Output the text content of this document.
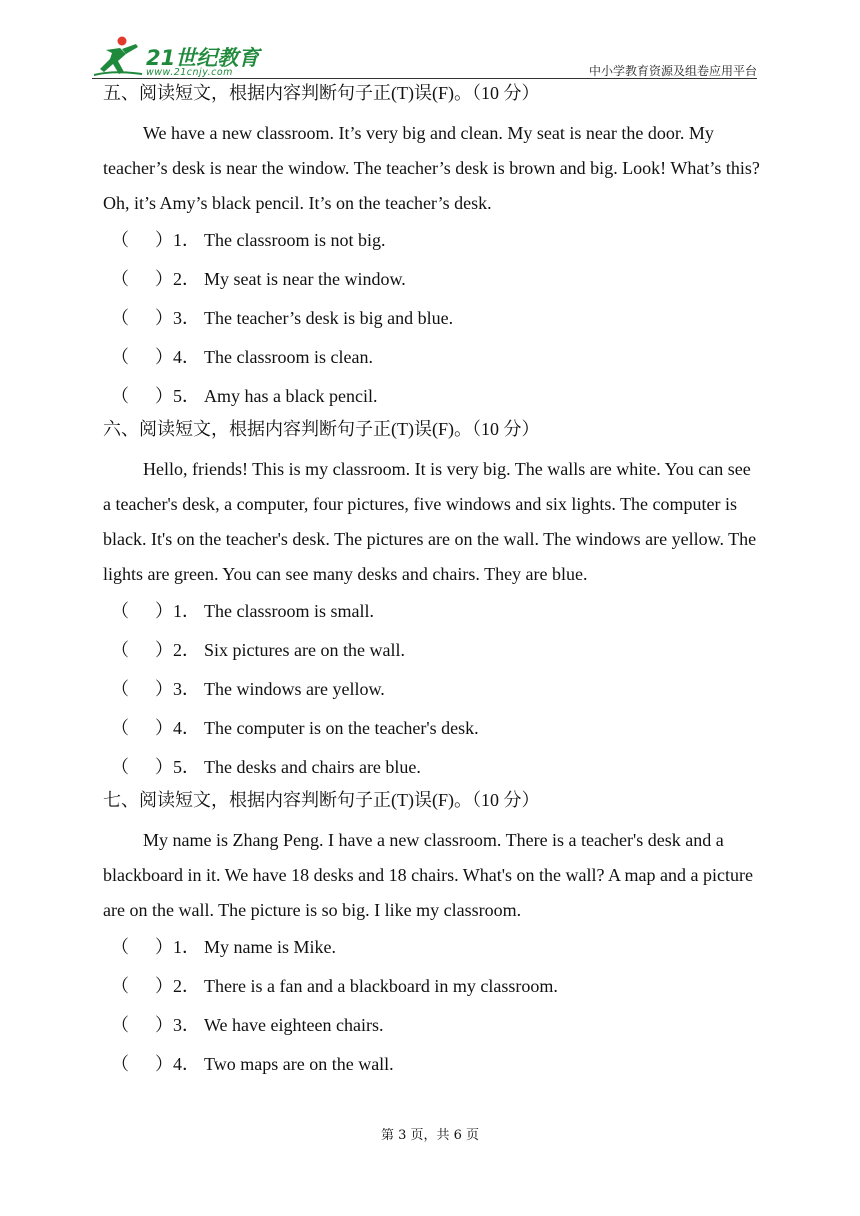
21世纪教育
www.21cnjy.com	中小学教育资源及组卷应用平台
五、阅读短文，根据内容判断句子正(T)误(F)。（10 分）

We have a new classroom. It’s very big and clean. My seat is near the door. My teacher’s desk is near the window. The teacher’s desk is brown and big. Look! What’s this? Oh, it’s Amy’s black pencil. It’s on the teacher’s desk.

（ ） 1． The classroom is not big.
（ ） 2． My seat is near the window.
（ ） 3． The teacher’s desk is big and blue.
（ ） 4． The classroom is clean.
（ ） 5． Amy has a black pencil.
六、阅读短文，根据内容判断句子正(T)误(F)。（10 分）

Hello, friends! This is my classroom. It is very big. The walls are white. You can see a teacher's desk, a computer, four pictures, five windows and six lights. The computer is black. It's on the teacher's desk. The pictures are on the wall. The windows are yellow. The lights are green. You can see many desks and chairs. They are blue.

（ ） 1． The classroom is small.
（ ） 2． Six pictures are on the wall.
（ ） 3． The windows are yellow.
（ ） 4． The computer is on the teacher's desk.
（ ） 5． The desks and chairs are blue.
七、阅读短文，根据内容判断句子正(T)误(F)。（10 分）

My name is Zhang Peng. I have a new classroom. There is a teacher's desk and a blackboard in it. We have 18 desks and 18 chairs. What's on the wall? A map and a picture are on the wall. The picture is so big. I like my classroom.

（ ） 1． My name is Mike.
（ ） 2． There is a fan and a blackboard in my classroom.
（ ） 3． We have eighteen chairs.
（ ） 4． Two maps are on the wall.
第 3 页，共 6 页
